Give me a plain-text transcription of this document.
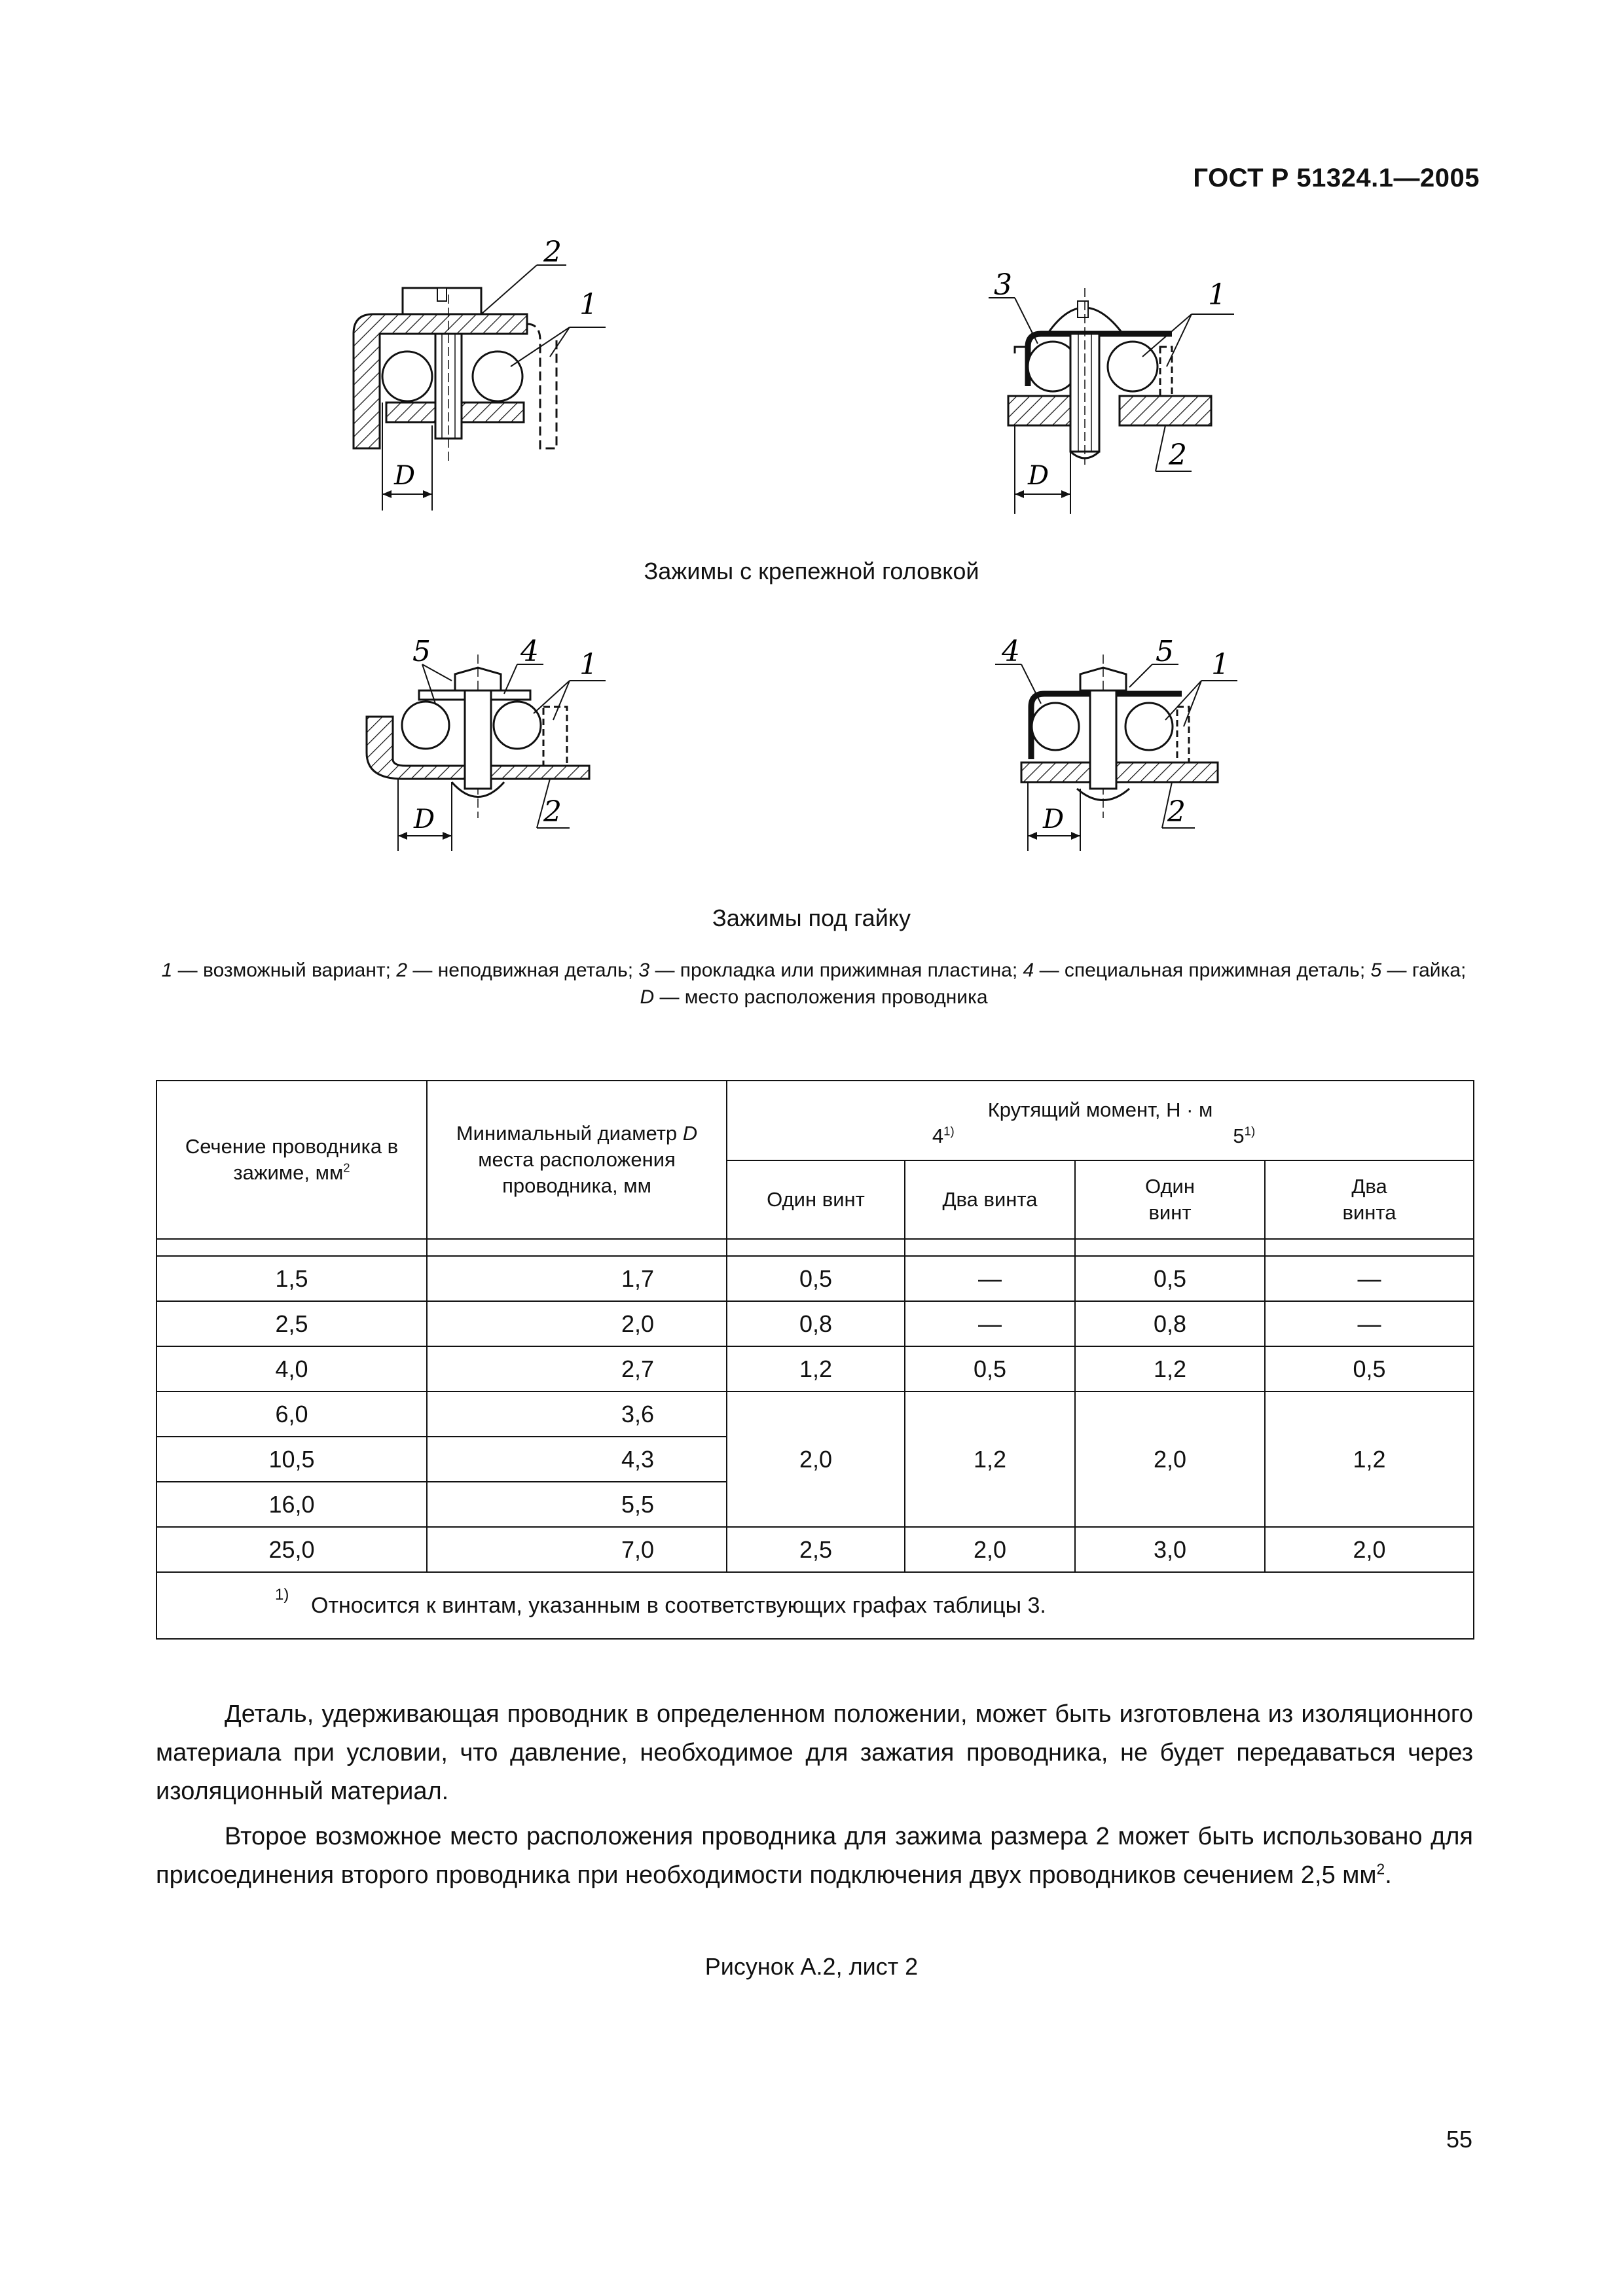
ГОСТ Р 51324.1—2005
2
1
D
3	1
2
D
Зажимы с крепежной головкой
5	4 1
2
D
4	5 1
2
D
Зажимы под гайку
1 — возможный вариант; 2 — неподвижная деталь; 3 — прокладка или прижимная пластина; 4 — специальная прижимная деталь; 5 — гайка; D — место расположения проводника
Сечение проводника в зажиме, $мм^2$	Минимальный диаметр D места расположения проводника, мм	Крутящий момент, Н · м
4$^{1)}$ 5$^{1)}$

		Один винт	Два винта	Один винт	Два винта

1,5	1,7	0,5	—	0,5	—
2,5	2,0	0,8	—	0,8	—
4,0	2,7	1,2	0,5	1,2	0,5
6,0	3,6	2,0	1,2	2,0	1,2
10,5	4,3				
16,0	5,5				
25,0	7,0	2,5	2,0	3,0	2,0

1) Относится к винтам, указанным в соответствующих графах таблицы 3.					

Деталь, удерживающая проводник в определенном положении, может быть изготовлена из изоляционного материала при условии, что давление, необходимое для зажатия проводника, не будет передаваться через изоляционный материал.

Второе возможное место расположения проводника для зажима размера 2 может быть использовано для присоединения второго проводника при необходимости подключения двух проводников сечением 2,5 $мм^2$.

Рисунок А.2, лист 2
55
